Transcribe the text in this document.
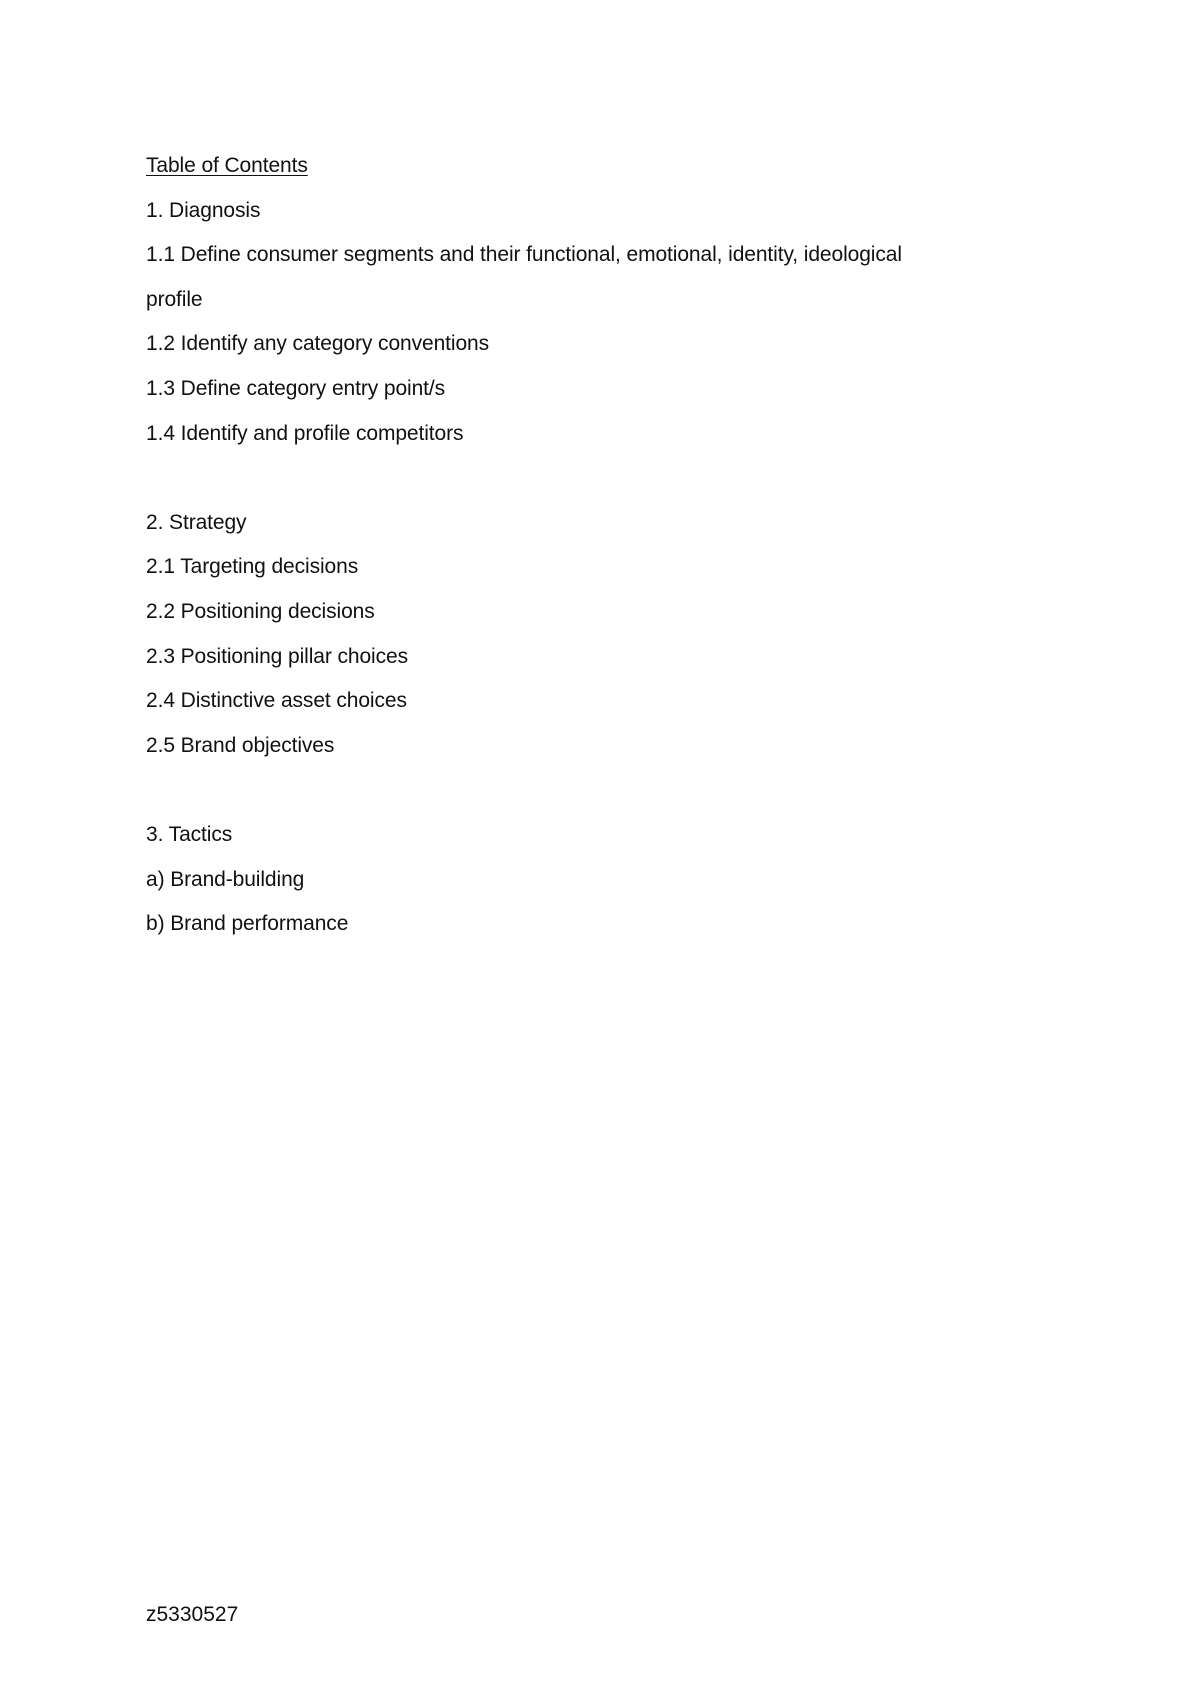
Table of Contents
1. Diagnosis
1.1 Define consumer segments and their functional, emotional, identity, ideological
profile
1.2 Identify any category conventions
1.3 Define category entry point/s
1.4 Identify and profile competitors
2. Strategy
2.1 Targeting decisions
2.2 Positioning decisions
2.3 Positioning pillar choices
2.4 Distinctive asset choices
2.5 Brand objectives
3. Tactics
a) Brand-building
b) Brand performance
z5330527
